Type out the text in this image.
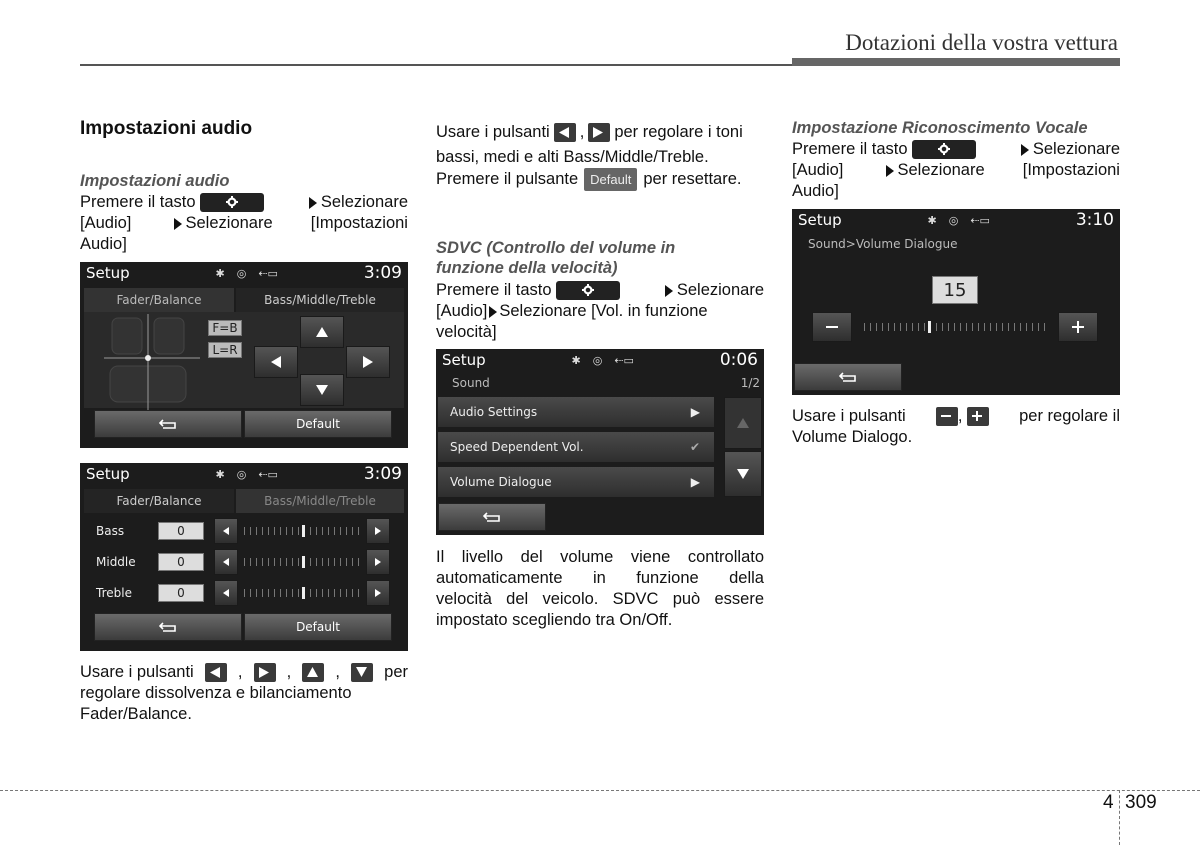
Dotazioni della vostra vettura
Impostazioni audio
Impostazioni audio
Premere il tasto	Selezionare
[Audio]	Selezionare [Impostazioni
Audio]
Setup	✱ ◎ ⇠▭	3:09
Fader/Balance	Bass/Middle/Treble
F=B
L=R
Default
Setup	✱ ◎ ⇠▭	3:09
Fader/Balance	Bass/Middle/Treble
Bass	0
Middle	0
Treble	0
Default
Usare i pulsanti	,	,	,	per
regolare dissolvenza e bilanciamento
Fader/Balance.
Usare i pulsanti , per regolare i toni
bassi, medi e alti Bass/Middle/Treble.
Premere il pulsante Default per resettare.
SDVC (Controllo del volume in
funzione della velocità)
Premere il tasto	Selezionare
[Audio] Selezionare [Vol. in funzione
velocità]
Setup	✱ ◎ ⇠▭	0:06
Sound	1/2
Audio Settings	▶
Speed Dependent Vol.	✔
Volume Dialogue	▶
Il livello del volume viene controllato
automaticamente in funzione della
velocità del veicolo. SDVC può essere
impostato scegliendo tra On/Off.
Impostazione Riconoscimento Vocale
Premere il tasto	Selezionare
[Audio]	Selezionare [Impostazioni
Audio]
Setup	✱ ◎ ⇠▭	3:10
Sound>Volume Dialogue
15
Usare i pulsanti	,	per regolare il
Volume Dialogo.
4 309
